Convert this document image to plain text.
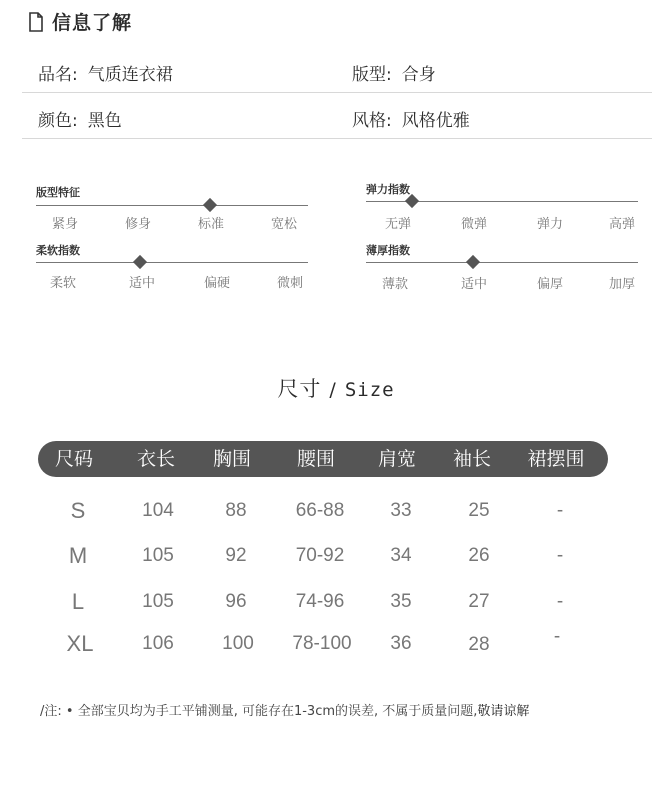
信息了解
品名: 气质连衣裙	版型: 合身
颜色: 黑色	风格: 风格优雅
版型特征
紧身	修身	标准	宽松
弹力指数
无弹	微弹	弹力	高弹
柔软指数
柔软	适中	偏硬	微刺
薄厚指数
薄款	适中	偏厚	加厚
尺寸 / Size
尺码 衣长 胸围 腰围 肩宽 袖长 裙摆围
S	104	88	66-88 33	25	-
M	105	92	70-92 34	26	-
L	105	96	74-96 35	27	-
XL	106	100 78-100 36	28	-
/注: • 全部宝贝均为手工平铺测量, 可能存在1-3cm的误差, 不属于质量问题,敬请谅解
